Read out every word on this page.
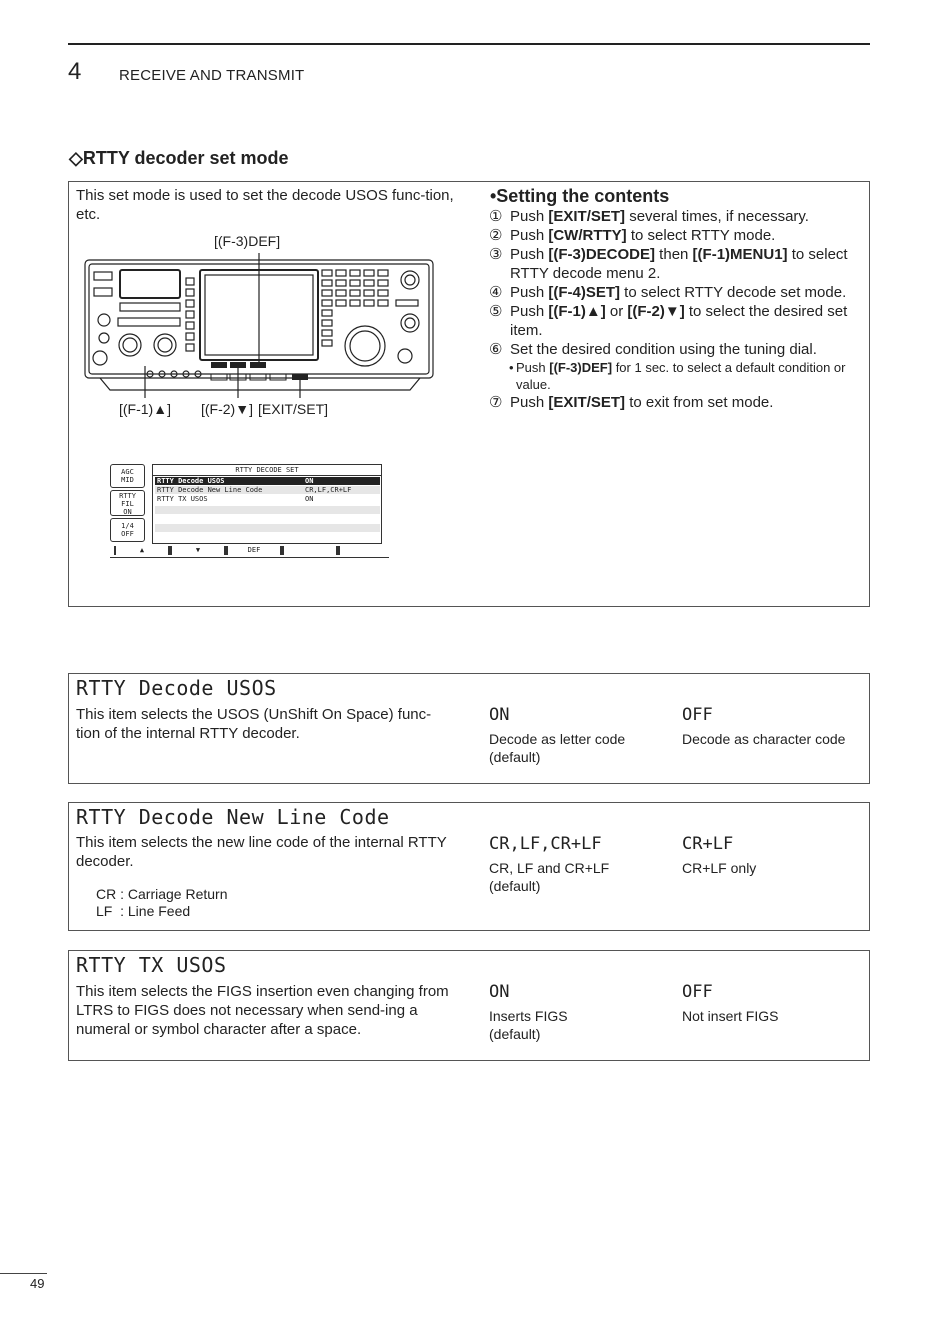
4	RECEIVE AND TRANSMIT
◇RTTY decoder set mode
This set mode is used to set the decode USOS func-tion, etc.
[(F-3)DEF]
[(F-1)▲] [(F-2)▼] [EXIT/SET]
AGC
MID
RTTY
FIL
ON
1/4
OFF
RTTY DECODE SET
RTTY Decode USOS	ON
RTTY Decode New Line Code	CR,LF,CR+LF
RTTY TX USOS	ON
▲	▼	DEF
•Setting the contents
① Push [EXIT/SET] several times, if necessary.
② Push [CW/RTTY] to select RTTY mode.
③ Push [(F-3)DECODE] then [(F-1)MENU1] to select RTTY decode menu 2.
④ Push [(F-4)SET] to select RTTY decode set mode.
⑤ Push [(F-1)▲] or [(F-2)▼] to select the desired set item.
⑥ Set the desired condition using the tuning dial.
• Push [(F-3)DEF] for 1 sec. to select a default condition or value.
⑦ Push [EXIT/SET] to exit from set mode.
RTTY Decode USOS
This item selects the USOS (UnShift On Space) func-tion of the internal RTTY decoder.
ON
Decode as letter code
(default)
OFF
Decode as character code
RTTY Decode New Line Code
This item selects the new line code of the internal RTTY decoder.
CR : Carriage Return
LF  : Line Feed
CR,LF,CR+LF
CR, LF and CR+LF
(default)
CR+LF
CR+LF only
RTTY TX USOS
This item selects the FIGS insertion even changing from LTRS to FIGS does not necessary when send-ing a numeral or symbol character after a space.
ON
Inserts FIGS
(default)
OFF
Not insert FIGS
49
